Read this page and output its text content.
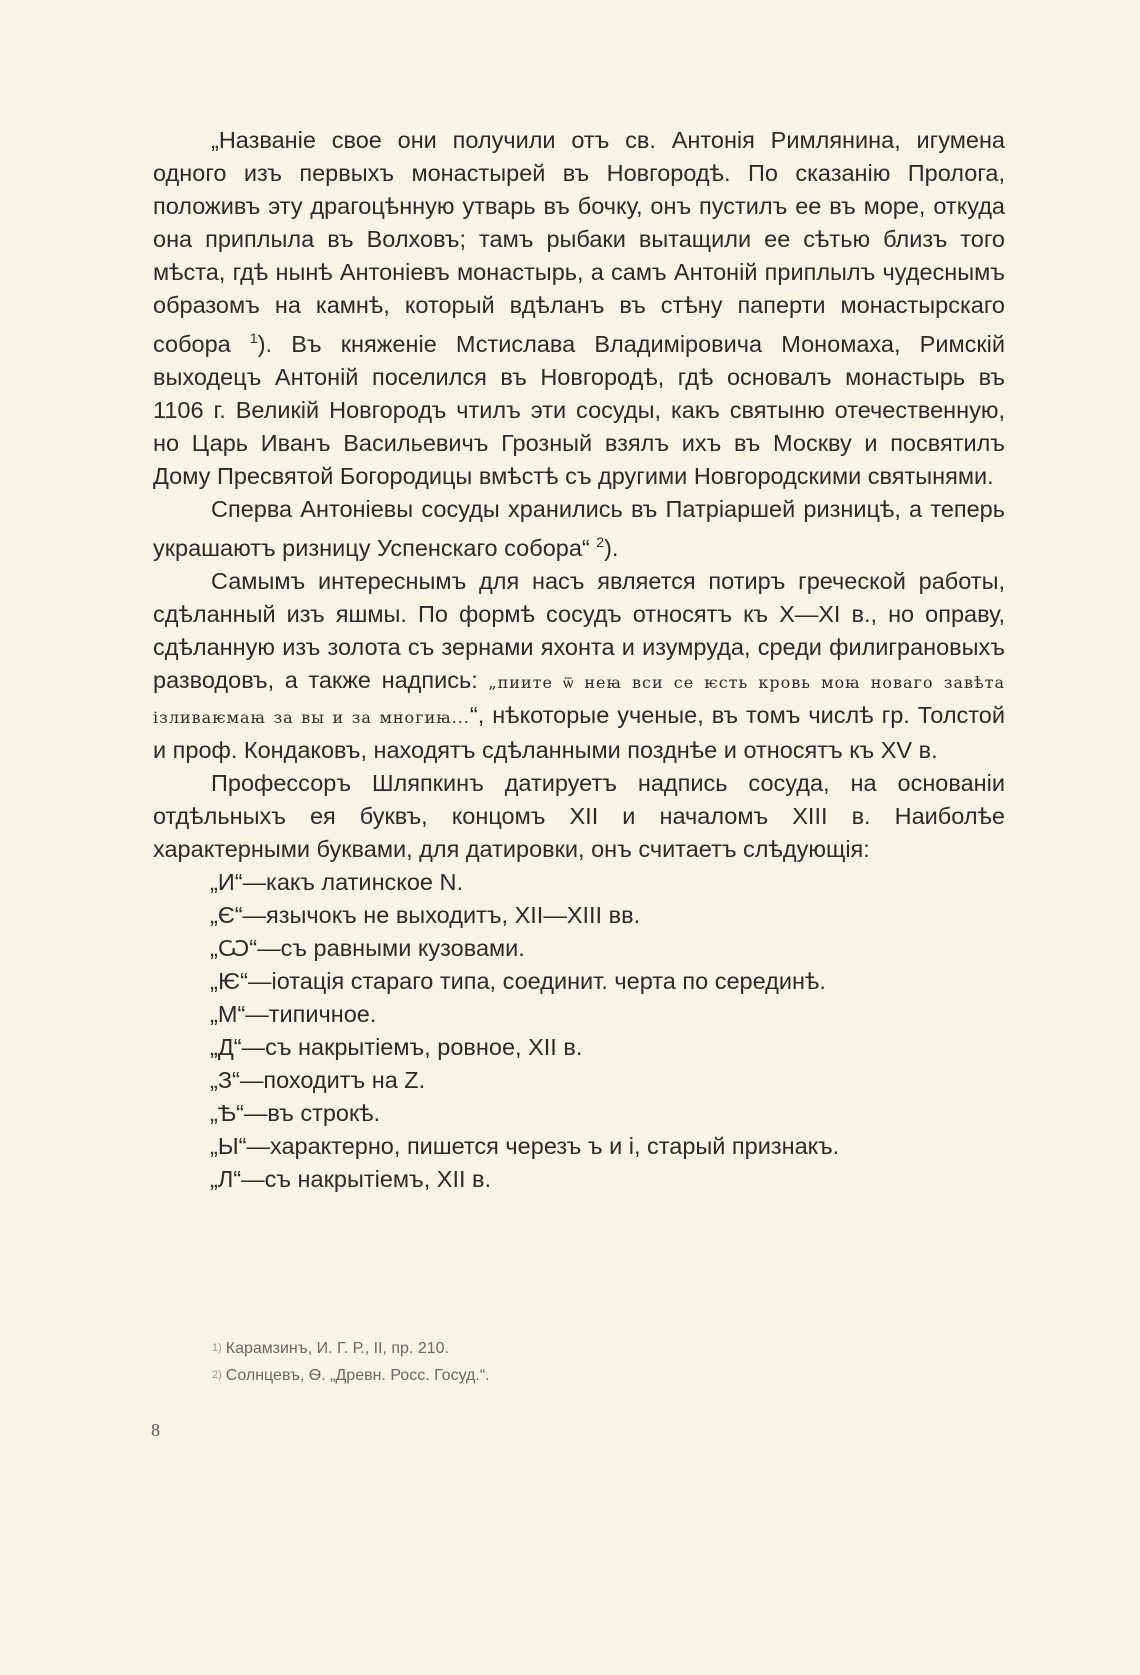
„Названіе свое они получили отъ св. Антонія Римлянина, игумена одного изъ первыхъ монастырей въ Новгородѣ. По сказанію Пролога, положивъ эту драгоцѣнную утварь въ бочку, онъ пустилъ ее въ море, откуда она приплыла въ Волховъ; тамъ рыбаки вытащили ее сѣтью близъ того мѣста, гдѣ нынѣ Антоніевъ монастырь, а самъ Антоній приплылъ чудеснымъ образомъ на камнѣ, который вдѣланъ въ стѣну паперти монастырскаго собора $^1$). Въ княженіе Мстислава Владиміровича Мономаха, Римскій выходецъ Антоній поселился въ Новгородѣ, гдѣ основалъ монастырь въ 1106 г. Великій Новгородъ чтилъ эти сосуды, какъ святыню отечественную, но Царь Иванъ Васильевичъ Грозный взялъ ихъ въ Москву и посвятилъ Дому Пресвятой Богородицы вмѣстѣ съ другими Новгородскими святынями.

Сперва Антоніевы сосуды хранились въ Патріаршей ризницѣ, а теперь украшаютъ ризницу Успенскаго собора“ $^2$).

Самымъ интереснымъ для насъ является потиръ греческой работы, сдѣланный изъ яшмы. По формѣ сосудъ относятъ къ X—XI в., но оправу, сдѣланную изъ золота съ зернами яхонта и изумруда, среди филиграновыхъ разводовъ, а также надпись: „пиите ѿ неꙗ вси се ѥсть кровь моꙗ новаго завѣта ізливаѥмаꙗ за вы и за многиꙗ...“, нѣкоторые ученые, въ томъ числѣ гр. Толстой и проф. Кондаковъ, находятъ сдѣланными позднѣе и относятъ къ XV в.

Профессоръ Шляпкинъ датируетъ надпись сосуда, на основаніи отдѣльныхъ ея буквъ, концомъ XII и началомъ XIII в. Наиболѣе характерными буквами, для датировки, онъ считаетъ слѣдующія:

„И“—какъ латинское N.
„Є“—язычокъ не выходитъ, XII—XIII вв.
„Ѡ“—съ равными кузовами.
„Ѥ“—іотація стараго типа, соединит. черта по серединѣ.
„М“—типичное.
„Д“—съ накрытіемъ, ровное, XII в.
„З“—походитъ на Z.
„Ѣ“—въ строкѣ.
„Ы“—характерно, пишется черезъ ъ и і, старый признакъ.
„Л“—съ накрытіемъ, XII в.
$^{1)}$ Карамзинъ, И. Г. Р., II, пр. 210.
$^{2)}$ Солнцевъ, Ѳ. „Древн. Росс. Госуд.“.
8
